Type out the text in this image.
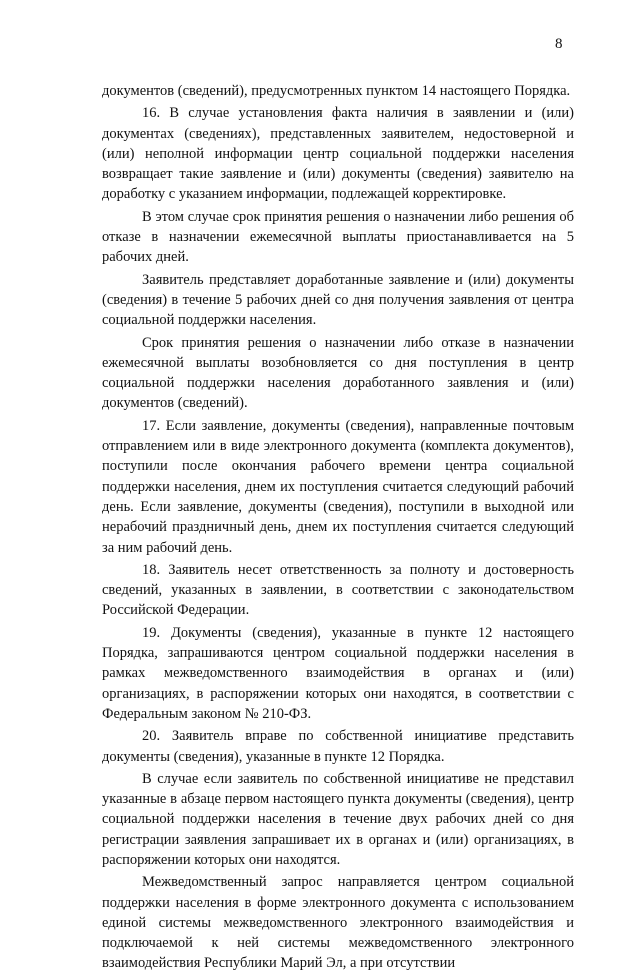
8

документов (сведений), предусмотренных пунктом 14 настоящего Порядка.

16. В случае установления факта наличия в заявлении и (или) документах (сведениях), представленных заявителем, недостоверной и (или) неполной информации центр социальной поддержки населения возвращает такие заявление и (или) документы (сведения) заявителю на доработку с указанием информации, подлежащей корректировке.

В этом случае срок принятия решения о назначении либо решения об отказе в назначении ежемесячной выплаты приостанавливается на 5 рабочих дней.

Заявитель представляет доработанные заявление и (или) документы (сведения) в течение 5 рабочих дней со дня получения заявления от центра социальной поддержки населения.

Срок принятия решения о назначении либо отказе в назначении ежемесячной выплаты возобновляется со дня поступления в центр социальной поддержки населения доработанного заявления и (или) документов (сведений).

17. Если заявление, документы (сведения), направленные почтовым отправлением или в виде электронного документа (комплекта документов), поступили после окончания рабочего времени центра социальной поддержки населения, днем их поступления считается следующий рабочий день. Если заявление, документы (сведения), поступили в выходной или нерабочий праздничный день, днем их поступления считается следующий за ним рабочий день.

18. Заявитель несет ответственность за полноту и достоверность сведений, указанных в заявлении, в соответствии с законодательством Российской Федерации.

19. Документы (сведения), указанные в пункте 12 настоящего Порядка, запрашиваются центром социальной поддержки населения в рамках межведомственного взаимодействия в органах и (или) организациях, в распоряжении которых они находятся, в соответствии с Федеральным законом № 210-ФЗ.

20. Заявитель вправе по собственной инициативе представить документы (сведения), указанные в пункте 12 Порядка.

В случае если заявитель по собственной инициативе не представил указанные в абзаце первом настоящего пункта документы (сведения), центр социальной поддержки населения в течение двух рабочих дней со дня регистрации заявления запрашивает их в органах и (или) организациях, в распоряжении которых они находятся.

Межведомственный запрос направляется центром социальной поддержки населения в форме электронного документа с использованием единой системы межведомственного электронного взаимодействия и подключаемой к ней системы межведомственного электронного взаимодействия Республики Марий Эл, а при отсутствии
